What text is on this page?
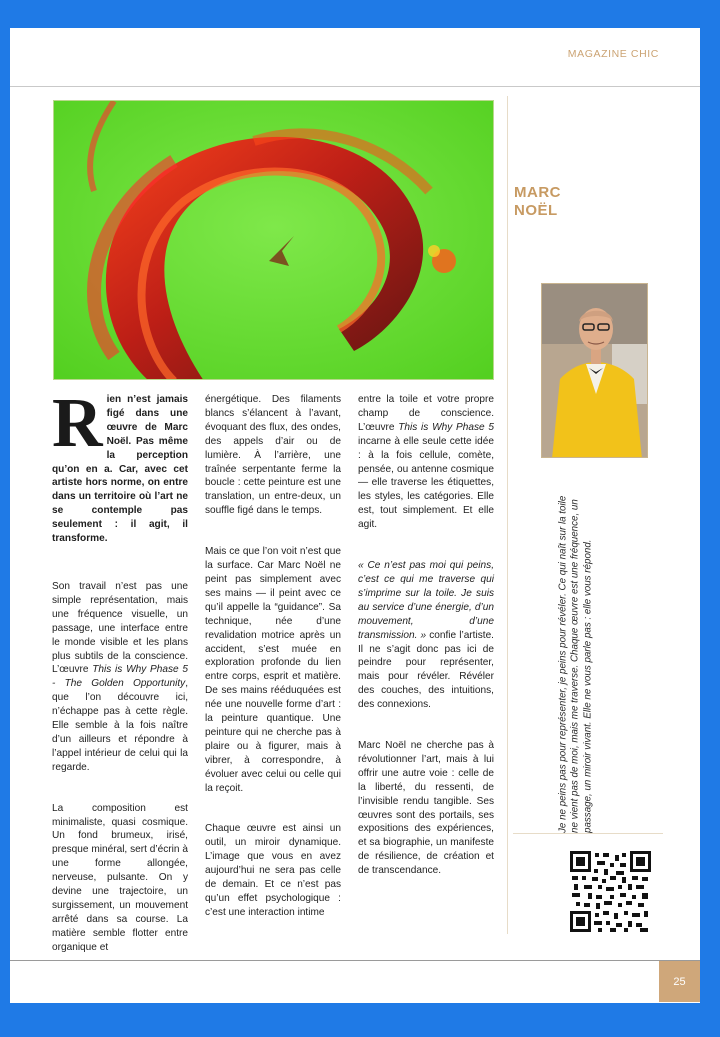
MAGAZINE CHIC

Rien n’est jamais figé dans une œuvre de Marc Noël. Pas même la perception qu’on en a. Car, avec cet artiste hors norme, on entre dans un territoire où l’art ne se contemple pas seulement : il agit, il transforme.

Son travail n’est pas une simple représentation, mais une fréquence visuelle, un passage, une interface entre le monde visible et les plans plus subtils de la conscience. L’œuvre This is Why Phase 5 - The Golden Opportunity, que l’on découvre ici, n’échappe pas à cette règle. Elle semble à la fois naître d’un ailleurs et répondre à l’appel intérieur de celui qui la regarde.

La composition est minimaliste, quasi cosmique. Un fond brumeux, irisé, presque minéral, sert d’écrin à une forme allongée, nerveuse, pulsante. On y devine une trajectoire, un surgissement, un mouvement arrêté dans sa course. La matière semble flotter entre organique et

énergétique. Des filaments blancs s’élancent à l’avant, évoquant des flux, des ondes, des appels d’air ou de lumière. À l’arrière, une traînée serpentante ferme la boucle : cette peinture est une translation, un entre-deux, un souffle figé dans le temps.

Mais ce que l’on voit n’est que la surface. Car Marc Noël ne peint pas simplement avec ses mains — il peint avec ce qu’il appelle la “guidance”. Sa technique, née d’une revalidation motrice après un accident, s’est muée en exploration profonde du lien entre corps, esprit et matière. De ses mains rééduquées est née une nouvelle forme d’art : la peinture quantique. Une peinture qui ne cherche pas à plaire ou à figurer, mais à vibrer, à correspondre, à évoluer avec celui ou celle qui la reçoit.

Chaque œuvre est ainsi un outil, un miroir dynamique. L’image que vous en avez aujourd’hui ne sera pas celle de demain. Et ce n’est pas qu’un effet psychologique : c’est une interaction intime

entre la toile et votre propre champ de conscience. L’œuvre This is Why Phase 5 incarne à elle seule cette idée : à la fois cellule, comète, pensée, ou antenne cosmique — elle traverse les étiquettes, les styles, les catégories. Elle est, tout simplement. Et elle agit.

« Ce n’est pas moi qui peins, c’est ce qui me traverse qui s’imprime sur la toile. Je suis au service d’une énergie, d’un mouvement, d’une transmission. » confie l’artiste. Il ne s’agit donc pas ici de peindre pour représenter, mais pour révéler. Révéler des couches, des intuitions, des connexions.

Marc Noël ne cherche pas à révolutionner l’art, mais à lui offrir une autre voie : celle de la liberté, du ressenti, de l’invisible rendu tangible. Ses œuvres sont des portails, ses expositions des expériences, et sa biographie, un manifeste de résilience, de création et de transcendance.

MARC
NOËL
Je ne peins pas pour représenter, je peins pour révéler. Ce qui naît sur la toile ne vient pas de moi, mais me traverse. Chaque œuvre est une fréquence, un passage, un miroir vivant. Elle ne vous parle pas : elle vous répond.
25
